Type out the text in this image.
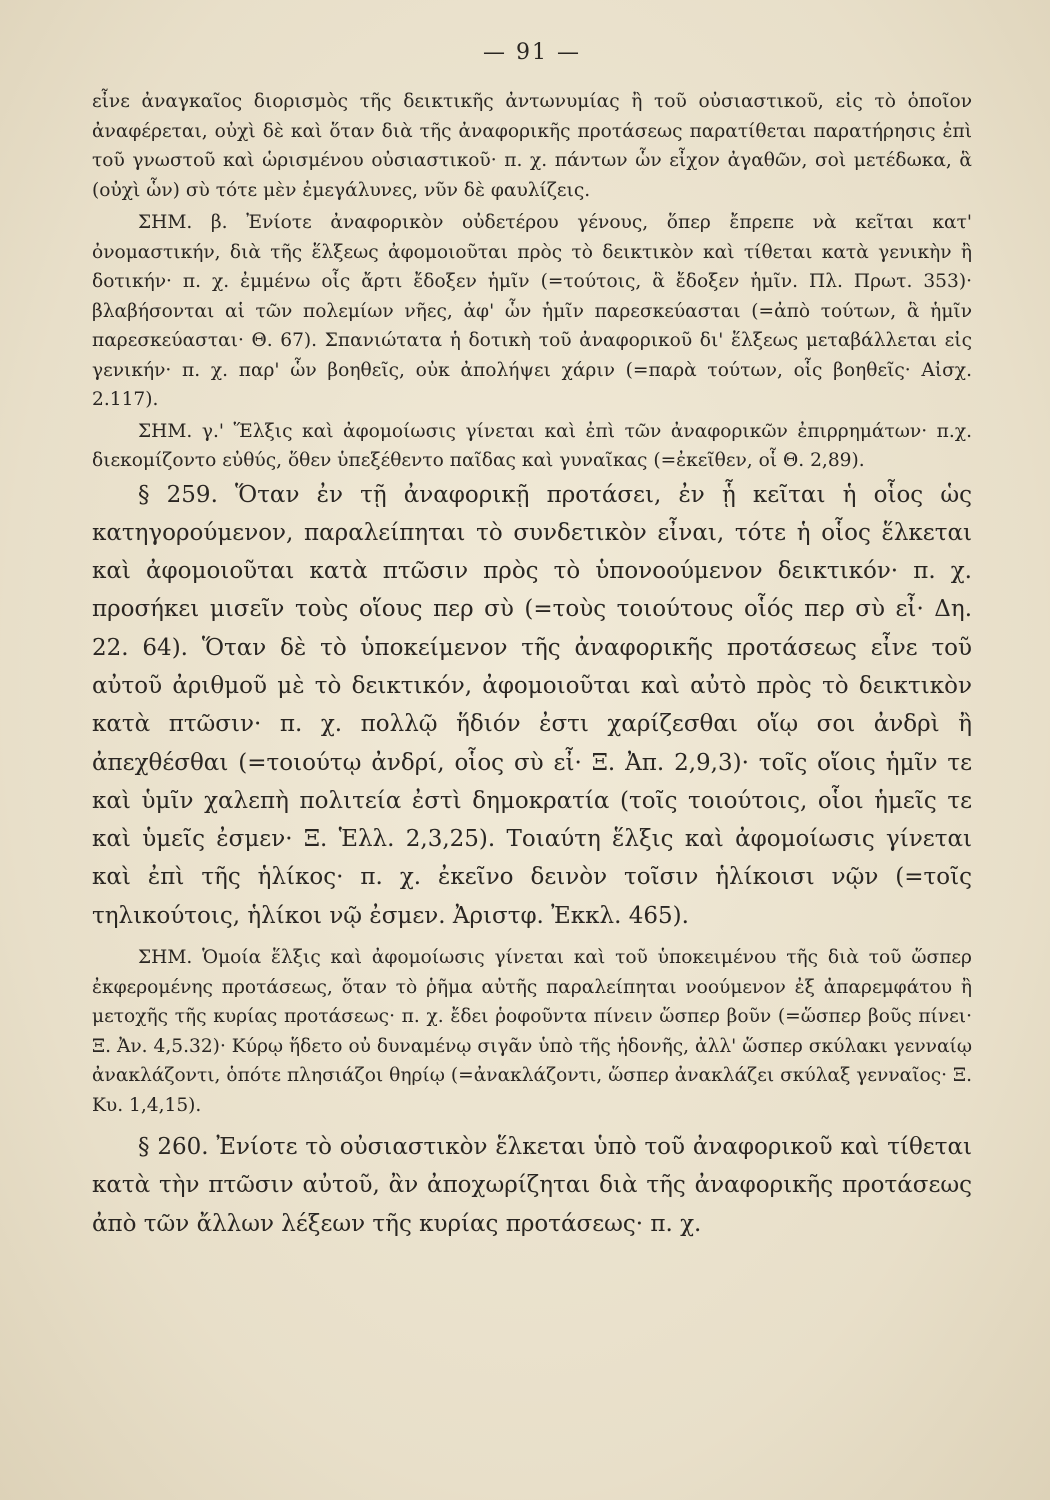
— 91 —

εἶνε ἀναγκαῖος διορισμὸς τῆς δεικτικῆς ἀντωνυμίας ἢ τοῦ οὐσιαστικοῦ, εἰς τὸ ὁποῖον ἀναφέρεται, οὐχὶ δὲ καὶ ὅταν διὰ τῆς ἀναφορικῆς προτάσεως παρατίθεται παρατήρησις ἐπὶ τοῦ γνωστοῦ καὶ ὡρισμένου οὐσιαστικοῦ· π. χ. πάντων ὧν εἶχον ἀγαθῶν, σοὶ μετέδωκα, ἃ (οὐχὶ ὧν) σὺ τότε μὲν ἐμεγάλυνες, νῦν δὲ φαυλίζεις.

ΣΗΜ. β. Ἐνίοτε ἀναφορικὸν οὐδετέρου γένους, ὅπερ ἔπρεπε νὰ κεῖται κατ' ὀνομαστικήν, διὰ τῆς ἕλξεως ἀφομοιοῦται πρὸς τὸ δεικτικὸν καὶ τίθεται κατὰ γενικὴν ἢ δοτικήν· π. χ. ἐμμένω οἷς ἄρτι ἔδοξεν ἡμῖν (=τούτοις, ἃ ἔδοξεν ἡμῖν. Πλ. Πρωτ. 353)· βλαβήσονται αἱ τῶν πολεμίων νῆες, ἀφ' ὧν ἡμῖν παρεσκεύασται (=ἀπὸ τούτων, ἃ ἡμῖν παρεσκεύασται· Θ. 67). Σπανιώτατα ἡ δοτικὴ τοῦ ἀναφορικοῦ δι' ἕλξεως μεταβάλλεται εἰς γενικήν· π. χ. παρ' ὧν βοηθεῖς, οὐκ ἀπολήψει χάριν (=παρὰ τούτων, οἷς βοηθεῖς· Αἰσχ. 2.117).

ΣΗΜ. γ.' Ἕλξις καὶ ἀφομοίωσις γίνεται καὶ ἐπὶ τῶν ἀναφορικῶν ἐπιρρημάτων· π.χ. διεκομίζοντο εὐθύς, ὅθεν ὑπεξέθεντο παῖδας καὶ γυναῖκας (=ἐκεῖθεν, οἷ Θ. 2,89).

§ 259. Ὅταν ἐν τῇ ἀναφορικῇ προτάσει, ἐν ᾗ κεῖται ἡ οἷος ὡς κατηγορούμενον, παραλείπηται τὸ συνδετικὸν εἶναι, τότε ἡ οἷος ἕλκεται καὶ ἀφομοιοῦται κατὰ πτῶσιν πρὸς τὸ ὑπονοούμενον δεικτικόν· π. χ. προσήκει μισεῖν τοὺς οἵους περ σὺ (=τοὺς τοιούτους οἷός περ σὺ εἶ· Δη. 22. 64). Ὅταν δὲ τὸ ὑποκείμενον τῆς ἀναφορικῆς προτάσεως εἶνε τοῦ αὐτοῦ ἀριθμοῦ μὲ τὸ δεικτικόν, ἀφομοιοῦται καὶ αὐτὸ πρὸς τὸ δεικτικὸν κατὰ πτῶσιν· π. χ. πολλῷ ἥδιόν ἐστι χαρίζεσθαι οἵῳ σοι ἀνδρὶ ἢ ἀπεχθέσθαι (=τοιούτῳ ἀνδρί, οἷος σὺ εἶ· Ξ. Ἀπ. 2,9,3)· τοῖς οἵοις ἡμῖν τε καὶ ὑμῖν χαλεπὴ πολιτεία ἐστὶ δημοκρατία (τοῖς τοιούτοις, οἷοι ἡμεῖς τε καὶ ὑμεῖς ἐσμεν· Ξ. Ἑλλ. 2,3,25). Τοιαύτη ἕλξις καὶ ἀφομοίωσις γίνεται καὶ ἐπὶ τῆς ἡλίκος· π. χ. ἐκεῖνο δεινὸν τοῖσιν ἡλίκοισι νῷν (=τοῖς τηλικούτοις, ἡλίκοι νῷ ἐσμεν. Ἀριστφ. Ἐκκλ. 465).

ΣΗΜ. Ὁμοία ἕλξις καὶ ἀφομοίωσις γίνεται καὶ τοῦ ὑποκειμένου τῆς διὰ τοῦ ὥσπερ ἐκφερομένης προτάσεως, ὅταν τὸ ῥῆμα αὐτῆς παραλείπηται νοούμενον ἐξ ἀπαρεμφάτου ἢ μετοχῆς τῆς κυρίας προτάσεως· π. χ. ἔδει ῥοφοῦντα πίνειν ὥσπερ βοῦν (=ὥσπερ βοῦς πίνει· Ξ. Ἀν. 4,5.32)· Κύρῳ ἥδετο οὐ δυναμένῳ σιγᾶν ὑπὸ τῆς ἡδονῆς, ἀλλ' ὥσπερ σκύλακι γενναίῳ ἀνακλάζοντι, ὁπότε πλησιάζοι θηρίῳ (=ἀνακλάζοντι, ὥσπερ ἀνακλάζει σκύλαξ γενναῖος· Ξ. Κυ. 1,4,15).

§ 260. Ἐνίοτε τὸ οὐσιαστικὸν ἕλκεται ὑπὸ τοῦ ἀναφορικοῦ καὶ τίθεται κατὰ τὴν πτῶσιν αὐτοῦ, ἂν ἀποχωρίζηται διὰ τῆς ἀναφορικῆς προτάσεως ἀπὸ τῶν ἄλλων λέξεων τῆς κυρίας προτάσεως· π. χ.
